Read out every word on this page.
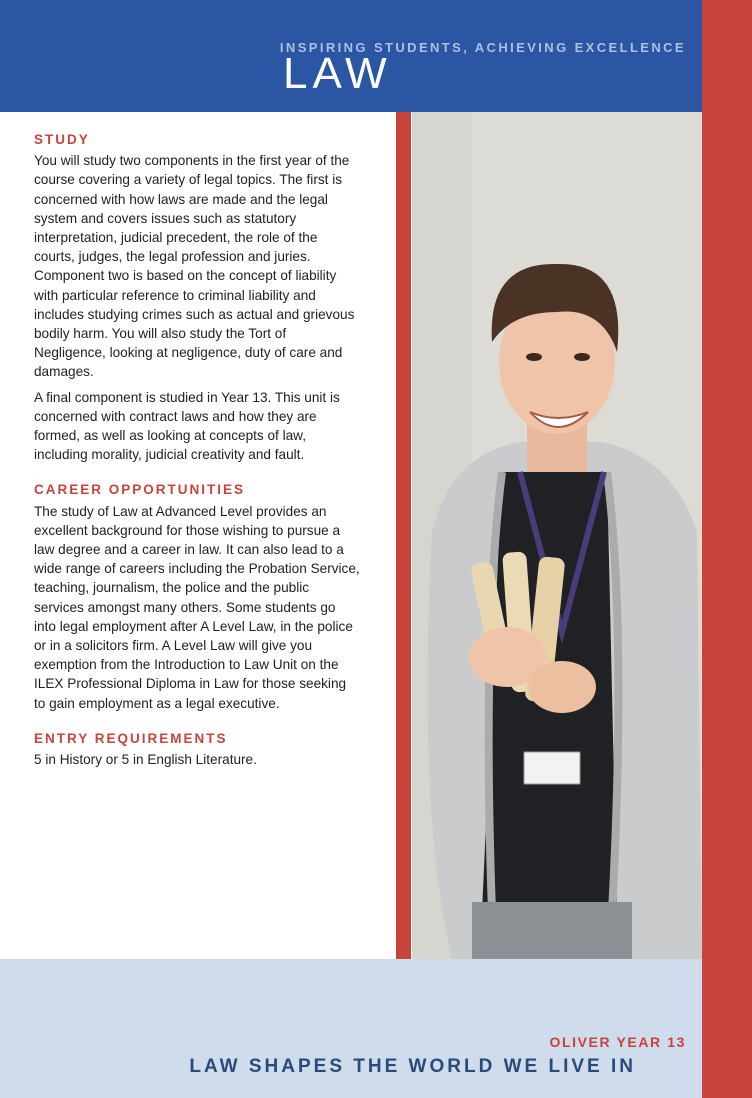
INSPIRING STUDENTS, ACHIEVING EXCELLENCE
LAW
STUDY

You will study two components in the first year of the course covering a variety of legal topics. The first is concerned with how laws are made and the legal system and covers issues such as statutory interpretation, judicial precedent, the role of the courts, judges, the legal profession and juries. Component two is based on the concept of liability with particular reference to criminal liability and includes studying crimes such as actual and grievous bodily harm. You will also study the Tort of Negligence, looking at negligence, duty of care and damages.

A final component is studied in Year 13. This unit is concerned with contract laws and how they are formed, as well as looking at concepts of law, including morality, judicial creativity and fault.

CAREER OPPORTUNITIES

The study of Law at Advanced Level provides an excellent background for those wishing to pursue a law degree and a career in law. It can also lead to a wide range of careers including the Probation Service, teaching, journalism, the police and the public services amongst many others. Some students go into legal employment after A Level Law, in the police or in a solicitors firm. A Level Law will give you exemption from the Introduction to Law Unit on the ILEX Professional Diploma in Law for those seeking to gain employment as a legal executive.

ENTRY REQUIREMENTS

5 in History or 5 in English Literature.

OLIVER YEAR 13
LAW SHAPES THE WORLD WE LIVE IN
